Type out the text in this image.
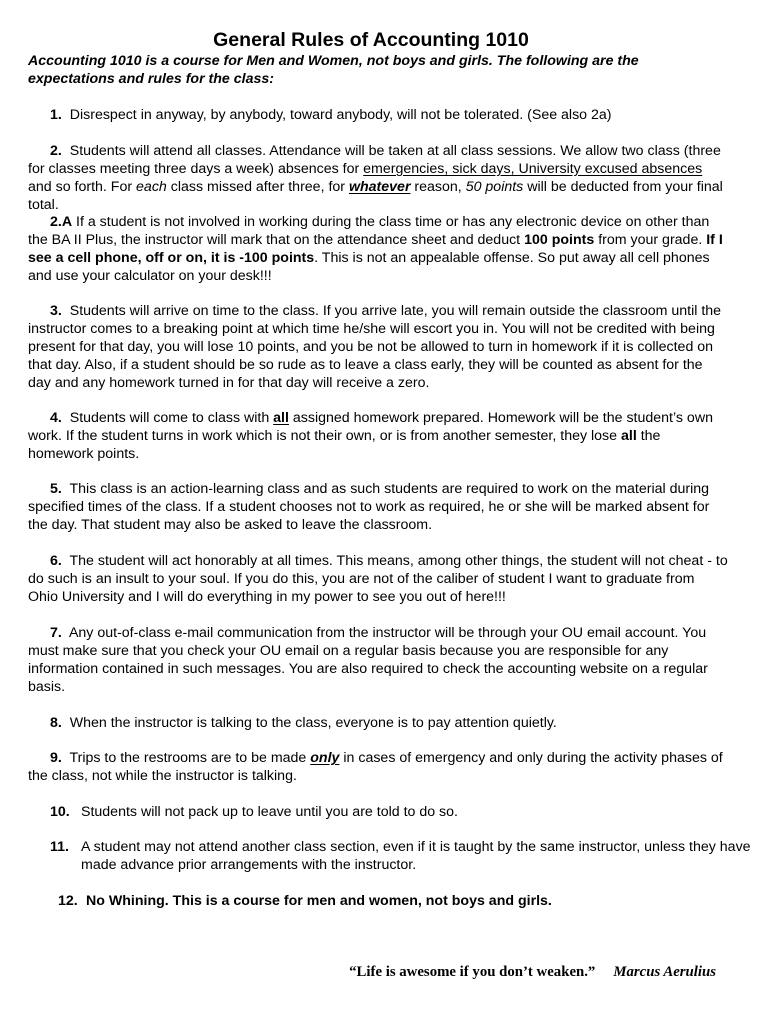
General Rules of Accounting 1010
Accounting 1010 is a course for Men and Women, not boys and girls. The following are the expectations and rules for the class:
1. Disrespect in anyway, by anybody, toward anybody, will not be tolerated. (See also 2a)
2. Students will attend all classes. Attendance will be taken at all class sessions. We allow two class (three for classes meeting three days a week) absences for emergencies, sick days, University excused absences and so forth. For each class missed after three, for whatever reason, 50 points will be deducted from your final total.
2.A If a student is not involved in working during the class time or has any electronic device on other than the BA II Plus, the instructor will mark that on the attendance sheet and deduct 100 points from your grade. If I see a cell phone, off or on, it is -100 points. This is not an appealable offense. So put away all cell phones and use your calculator on your desk!!!
3. Students will arrive on time to the class. If you arrive late, you will remain outside the classroom until the instructor comes to a breaking point at which time he/she will escort you in. You will not be credited with being present for that day, you will lose 10 points, and you be not be allowed to turn in homework if it is collected on that day. Also, if a student should be so rude as to leave a class early, they will be counted as absent for the day and any homework turned in for that day will receive a zero.
4. Students will come to class with all assigned homework prepared. Homework will be the student’s own work. If the student turns in work which is not their own, or is from another semester, they lose all the homework points.
5. This class is an action-learning class and as such students are required to work on the material during specified times of the class. If a student chooses not to work as required, he or she will be marked absent for the day. That student may also be asked to leave the classroom.
6. The student will act honorably at all times. This means, among other things, the student will not cheat - to do such is an insult to your soul. If you do this, you are not of the caliber of student I want to graduate from Ohio University and I will do everything in my power to see you out of here!!!
7. Any out-of-class e-mail communication from the instructor will be through your OU email account. You must make sure that you check your OU email on a regular basis because you are responsible for any information contained in such messages. You are also required to check the accounting website on a regular basis.
8. When the instructor is talking to the class, everyone is to pay attention quietly.
9. Trips to the restrooms are to be made only in cases of emergency and only during the activity phases of the class, not while the instructor is talking.
10. Students will not pack up to leave until you are told to do so.
11. A student may not attend another class section, even if it is taught by the same instructor, unless they have made advance prior arrangements with the instructor.
12. No Whining. This is a course for men and women, not boys and girls.
“Life is awesome if you don’t weaken.” Marcus Aerulius
